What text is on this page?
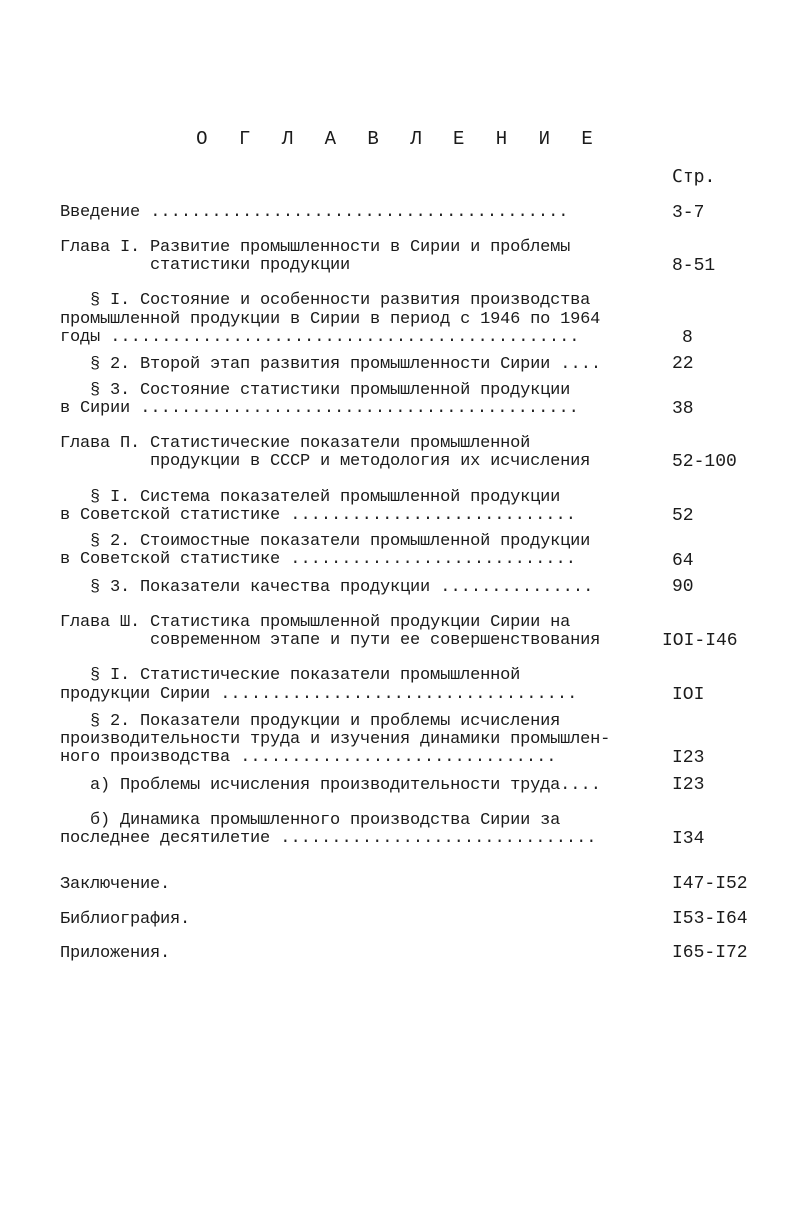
О Г Л А В Л Е Н И Е
Стр.
Введение .........................................	3-7
Глава I. Развитие промышленности в Сирии и проблемы
статистики продукции	8-51
§ I. Состояние и особенности развития производства
промышленной продукции в Сирии в период с 1946 по 1964
годы ..............................................	8
§ 2. Второй этап развития промышленности Сирии ....	22
§ 3. Состояние статистики промышленной продукции
в Сирии ...........................................	38
Глава П. Статистические показатели промышленной
продукции в СССР и методология их исчисления	52-100
§ I. Система показателей промышленной продукции
в Советской статистике ............................	52
§ 2. Стоимостные показатели промышленной продукции
в Советской статистике ............................	64
§ 3. Показатели качества продукции ...............	90
Глава Ш. Статистика промышленной продукции Сирии на
современном этапе и пути ее совершенствования	IOI-I46
§ I. Статистические показатели промышленной
продукции Сирии ...................................	IOI
§ 2. Показатели продукции и проблемы исчисления
производительности труда и изучения динамики промышлен-
ного производства ...............................	I23
а) Проблемы исчисления производительности труда....	I23
б) Динамика промышленного производства Сирии за
последнее десятилетие ...............................	I34
Заключение.	I47-I52
Библиография.	I53-I64
Приложения.	I65-I72
